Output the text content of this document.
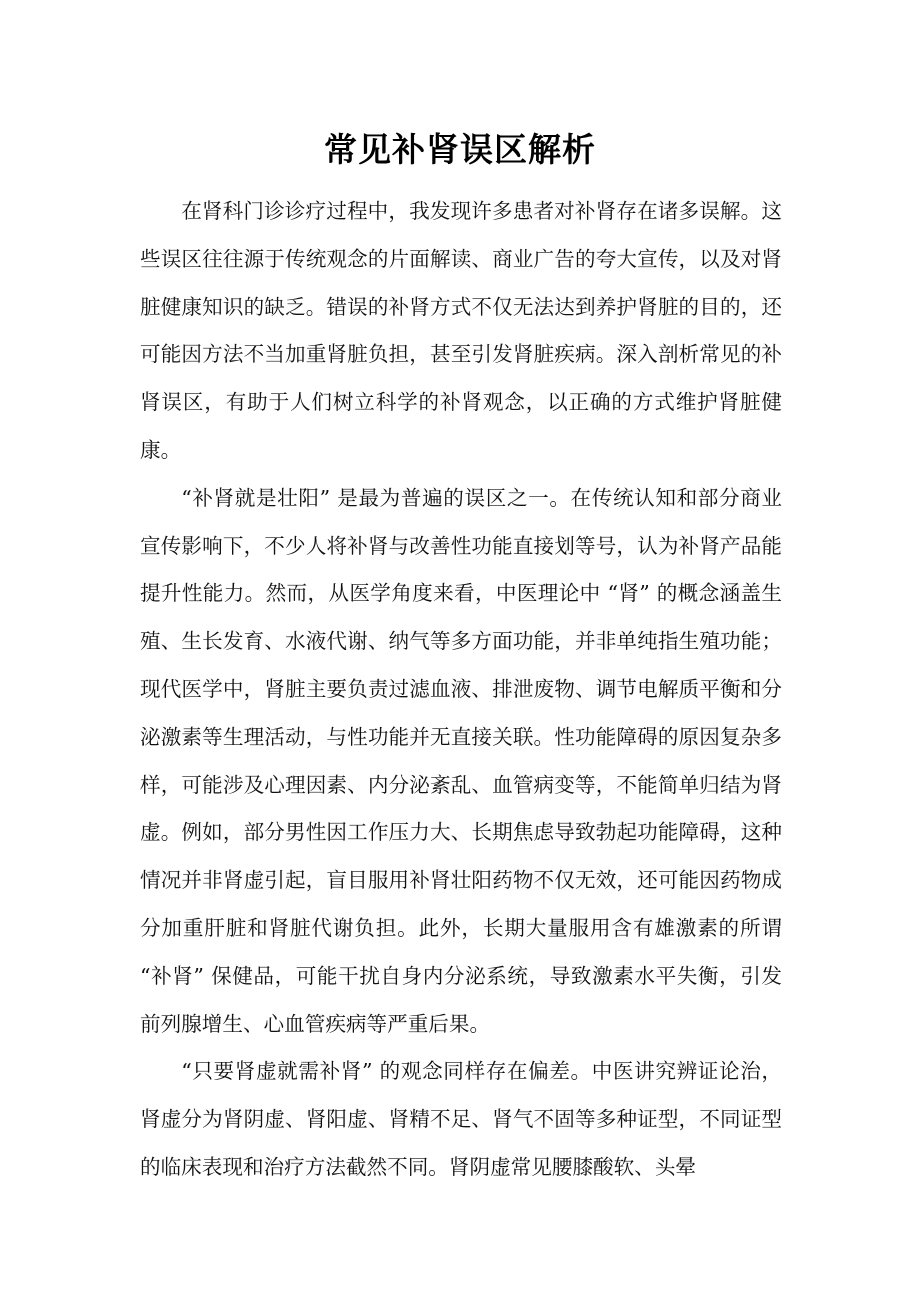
常见补肾误区解析

在肾科门诊诊疗过程中，我发现许多患者对补肾存在诸多误解。这些误区往往源于传统观念的片面解读、商业广告的夸大宣传，以及对肾脏健康知识的缺乏。错误的补肾方式不仅无法达到养护肾脏的目的，还可能因方法不当加重肾脏负担，甚至引发肾脏疾病。深入剖析常见的补肾误区，有助于人们树立科学的补肾观念，以正确的方式维护肾脏健康。

“补肾就是壮阳” 是最为普遍的误区之一。在传统认知和部分商业宣传影响下，不少人将补肾与改善性功能直接划等号，认为补肾产品能提升性能力。然而，从医学角度来看，中医理论中 “肾” 的概念涵盖生殖、生长发育、水液代谢、纳气等多方面功能，并非单纯指生殖功能；现代医学中，肾脏主要负责过滤血液、排泄废物、调节电解质平衡和分泌激素等生理活动，与性功能并无直接关联。性功能障碍的原因复杂多样，可能涉及心理因素、内分泌紊乱、血管病变等，不能简单归结为肾虚。例如，部分男性因工作压力大、长期焦虑导致勃起功能障碍，这种情况并非肾虚引起，盲目服用补肾壮阳药物不仅无效，还可能因药物成分加重肝脏和肾脏代谢负担。此外，长期大量服用含有雄激素的所谓 “补肾” 保健品，可能干扰自身内分泌系统，导致激素水平失衡，引发前列腺增生、心血管疾病等严重后果。

“只要肾虚就需补肾” 的观念同样存在偏差。中医讲究辨证论治，肾虚分为肾阴虚、肾阳虚、肾精不足、肾气不固等多种证型，不同证型的临床表现和治疗方法截然不同。肾阴虚常见腰膝酸软、头晕
